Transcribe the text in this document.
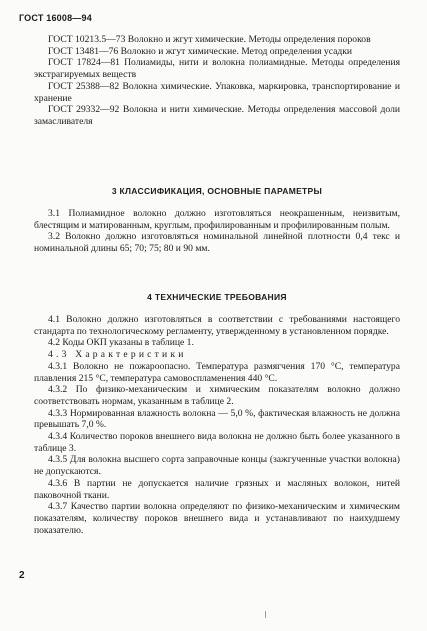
ГОСТ 16008—94

ГОСТ 10213.5—73 Волокно и жгут химические. Методы определения пороков

ГОСТ 13481—76 Волокно и жгут химические. Метод определения усадки

ГОСТ 17824—81 Полиамиды, нити и волокна полиамидные. Методы определения экстрагируемых веществ

ГОСТ 25388—82 Волокна химические. Упаковка, маркировка, транспортирование и хранение

ГОСТ 29332—92 Волокна и нити химические. Методы определения массовой доли замасливателя

3 КЛАССИФИКАЦИЯ, ОСНОВНЫЕ ПАРАМЕТРЫ

3.1 Полиамидное волокно должно изготовляться неокрашенным, неизвитым, блестящим и матированным, круглым, профилированным и профилированным полым.

3.2 Волокно должно изготовляться номинальной линейной плотности 0,4 текс и номинальной длины 65; 70; 75; 80 и 90 мм.

4 ТЕХНИЧЕСКИЕ ТРЕБОВАНИЯ

4.1 Волокно должно изготовляться в соответствии с требованиями настоящего стандарта по технологическому регламенту, утвержденному в установленном порядке.

4.2 Коды ОКП указаны в таблице 1.

4.3 Характеристики

4.3.1 Волокно не пожароопасно. Температура размягчения 170 °С, температура плавления 215 °С, температура самовоспламенения 440 °С.

4.3.2 По физико-механическим и химическим показателям волокно должно соответствовать нормам, указанным в таблице 2.

4.3.3 Нормированная влажность волокна — 5,0 %, фактическая влажность не должна превышать 7,0 %.

4.3.4 Количество пороков внешнего вида волокна не должно быть более указанного в таблице 3.

4.3.5 Для волокна высшего сорта заправочные концы (зажгученные участки волокна) не допускаются.

4.3.6 В партии не допускается наличие грязных и масляных волокон, нитей паковочной ткани.

4.3.7 Качество партии волокна определяют по физико-механическим и химическим показателям, количеству пороков внешнего вида и устанавливают по наихудшему показателю.

2
